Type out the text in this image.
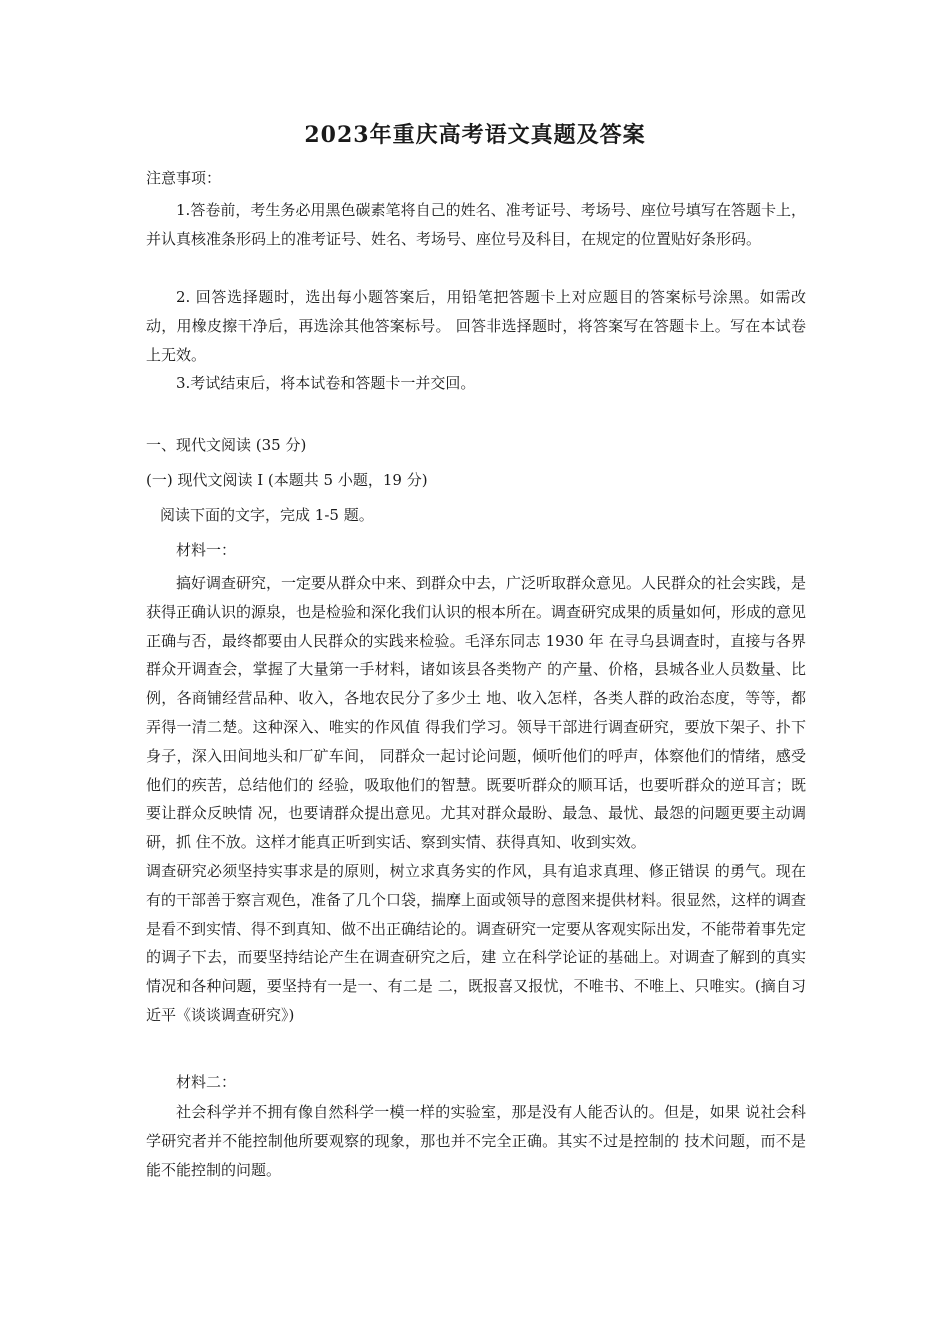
2023年重庆高考语文真题及答案
注意事项：
1.答卷前，考生务必用黑色碳素笔将自己的姓名、准考证号、考场号、座位号填写在答题卡上，并认真核准条形码上的准考证号、姓名、考场号、座位号及科目，在规定的位置贴好条形码。
2. 回答选择题时，选出每小题答案后，用铅笔把答题卡上对应题目的答案标号涂黑。如需改动，用橡皮擦干净后，再选涂其他答案标号。 回答非选择题时，将答案写在答题卡上。写在本试卷上无效。
3.考试结束后，将本试卷和答题卡一并交回。
一、现代文阅读 (35 分)
(一) 现代文阅读 I (本题共 5 小题，19 分)
阅读下面的文字，完成 1-5 题。
材料一：
搞好调查研究，一定要从群众中来、到群众中去，广泛听取群众意见。人民群众的社会实践，是获得正确认识的源泉，也是检验和深化我们认识的根本所在。调查研究成果的质量如何，形成的意见正确与否，最终都要由人民群众的实践来检验。毛泽东同志 1930 年 在寻乌县调查时，直接与各界群众开调查会，掌握了大量第一手材料，诸如该县各类物产 的产量、价格，县城各业人员数量、比例，各商铺经营品种、收入，各地农民分了多少土 地、收入怎样，各类人群的政治态度，等等，都弄得一清二楚。这种深入、唯实的作风值 得我们学习。领导干部进行调查研究，要放下架子、扑下身子，深入田间地头和厂矿车间， 同群众一起讨论问题，倾听他们的呼声，体察他们的情绪，感受他们的疾苦，总结他们的 经验，吸取他们的智慧。既要听群众的顺耳话，也要听群众的逆耳言；既要让群众反映情 况，也要请群众提出意见。尤其对群众最盼、最急、最忧、最怨的问题更要主动调研，抓 住不放。这样才能真正听到实话、察到实情、获得真知、收到实效。
调查研究必须坚持实事求是的原则，树立求真务实的作风，具有追求真理、修正错误 的勇气。现在有的干部善于察言观色，准备了几个口袋，揣摩上面或领导的意图来提供材料。很显然，这样的调查是看不到实情、得不到真知、做不出正确结论的。调查研究一定要从客观实际出发，不能带着事先定的调子下去，而要坚持结论产生在调查研究之后，建 立在科学论证的基础上。对调查了解到的真实情况和各种问题，要坚持有一是一、有二是 二，既报喜又报忧，不唯书、不唯上、只唯实。(摘自习近平《谈谈调查研究》)
材料二：
社会科学并不拥有像自然科学一模一样的实验室，那是没有人能否认的。但是，如果 说社会科学研究者并不能控制他所要观察的现象，那也并不完全正确。其实不过是控制的 技术问题，而不是能不能控制的问题。
